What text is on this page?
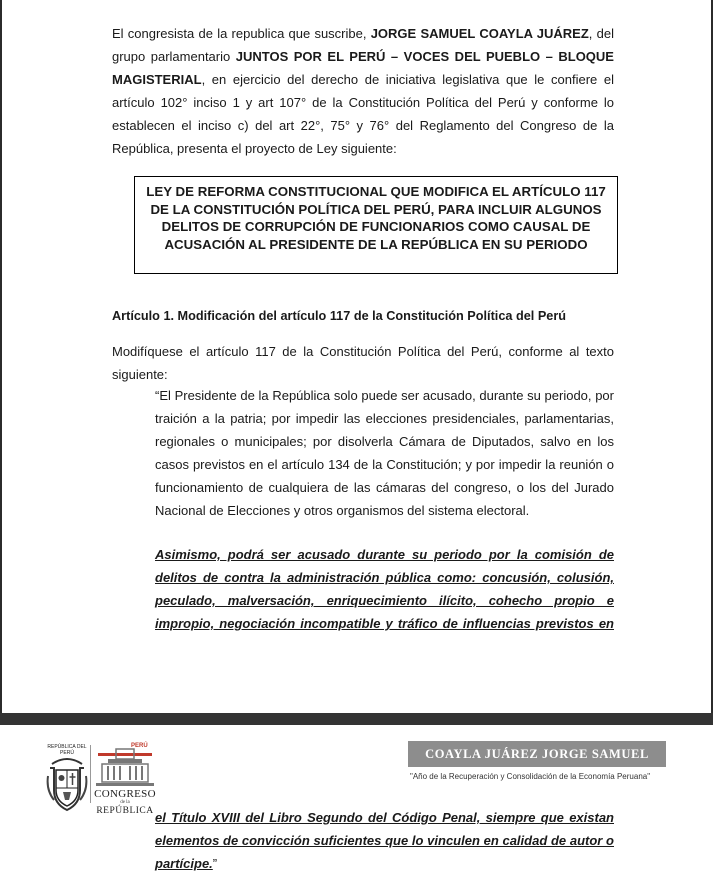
El congresista de la republica que suscribe, JORGE SAMUEL COAYLA JUÁREZ, del grupo parlamentario JUNTOS POR EL PERÚ – VOCES DEL PUEBLO – BLOQUE MAGISTERIAL, en ejercicio del derecho de iniciativa legislativa que le confiere el artículo 102° inciso 1 y art 107° de la Constitución Política del Perú y conforme lo establecen el inciso c) del art 22°, 75° y 76° del Reglamento del Congreso de la República, presenta el proyecto de Ley siguiente:
LEY DE REFORMA CONSTITUCIONAL QUE MODIFICA EL ARTÍCULO 117 DE LA CONSTITUCIÓN POLÍTICA DEL PERÚ, PARA INCLUIR ALGUNOS DELITOS DE CORRUPCIÓN DE FUNCIONARIOS COMO CAUSAL DE ACUSACIÓN AL PRESIDENTE DE LA REPÚBLICA EN SU PERIODO
Artículo 1. Modificación del artículo 117 de la Constitución Política del Perú
Modifíquese el artículo 117 de la Constitución Política del Perú, conforme al texto siguiente:
“El Presidente de la República solo puede ser acusado, durante su periodo, por traición a la patria; por impedir las elecciones presidenciales, parlamentarias, regionales o municipales; por disolverla Cámara de Diputados, salvo en los casos previstos en el artículo 134 de la Constitución; y por impedir la reunión o funcionamiento de cualquiera de las cámaras del congreso, o los del Jurado Nacional de Elecciones y otros organismos del sistema electoral.
Asimismo, podrá ser acusado durante su periodo por la comisión de delitos de contra la administración pública como: concusión, colusión, peculado, malversación, enriquecimiento ilícito, cohecho propio e impropio, negociación incompatible y tráfico de influencias previstos en
REPÚBLICA DEL PERÚ
PERÚ
CONGRESO
de la
REPÚBLICA
COAYLA JUÁREZ JORGE SAMUEL
"Año de la Recuperación y Consolidación de la Economía Peruana"
el Título XVIII del Libro Segundo del Código Penal, siempre que existan elementos de convicción suficientes que lo vinculen en calidad de autor o partícipe.”
